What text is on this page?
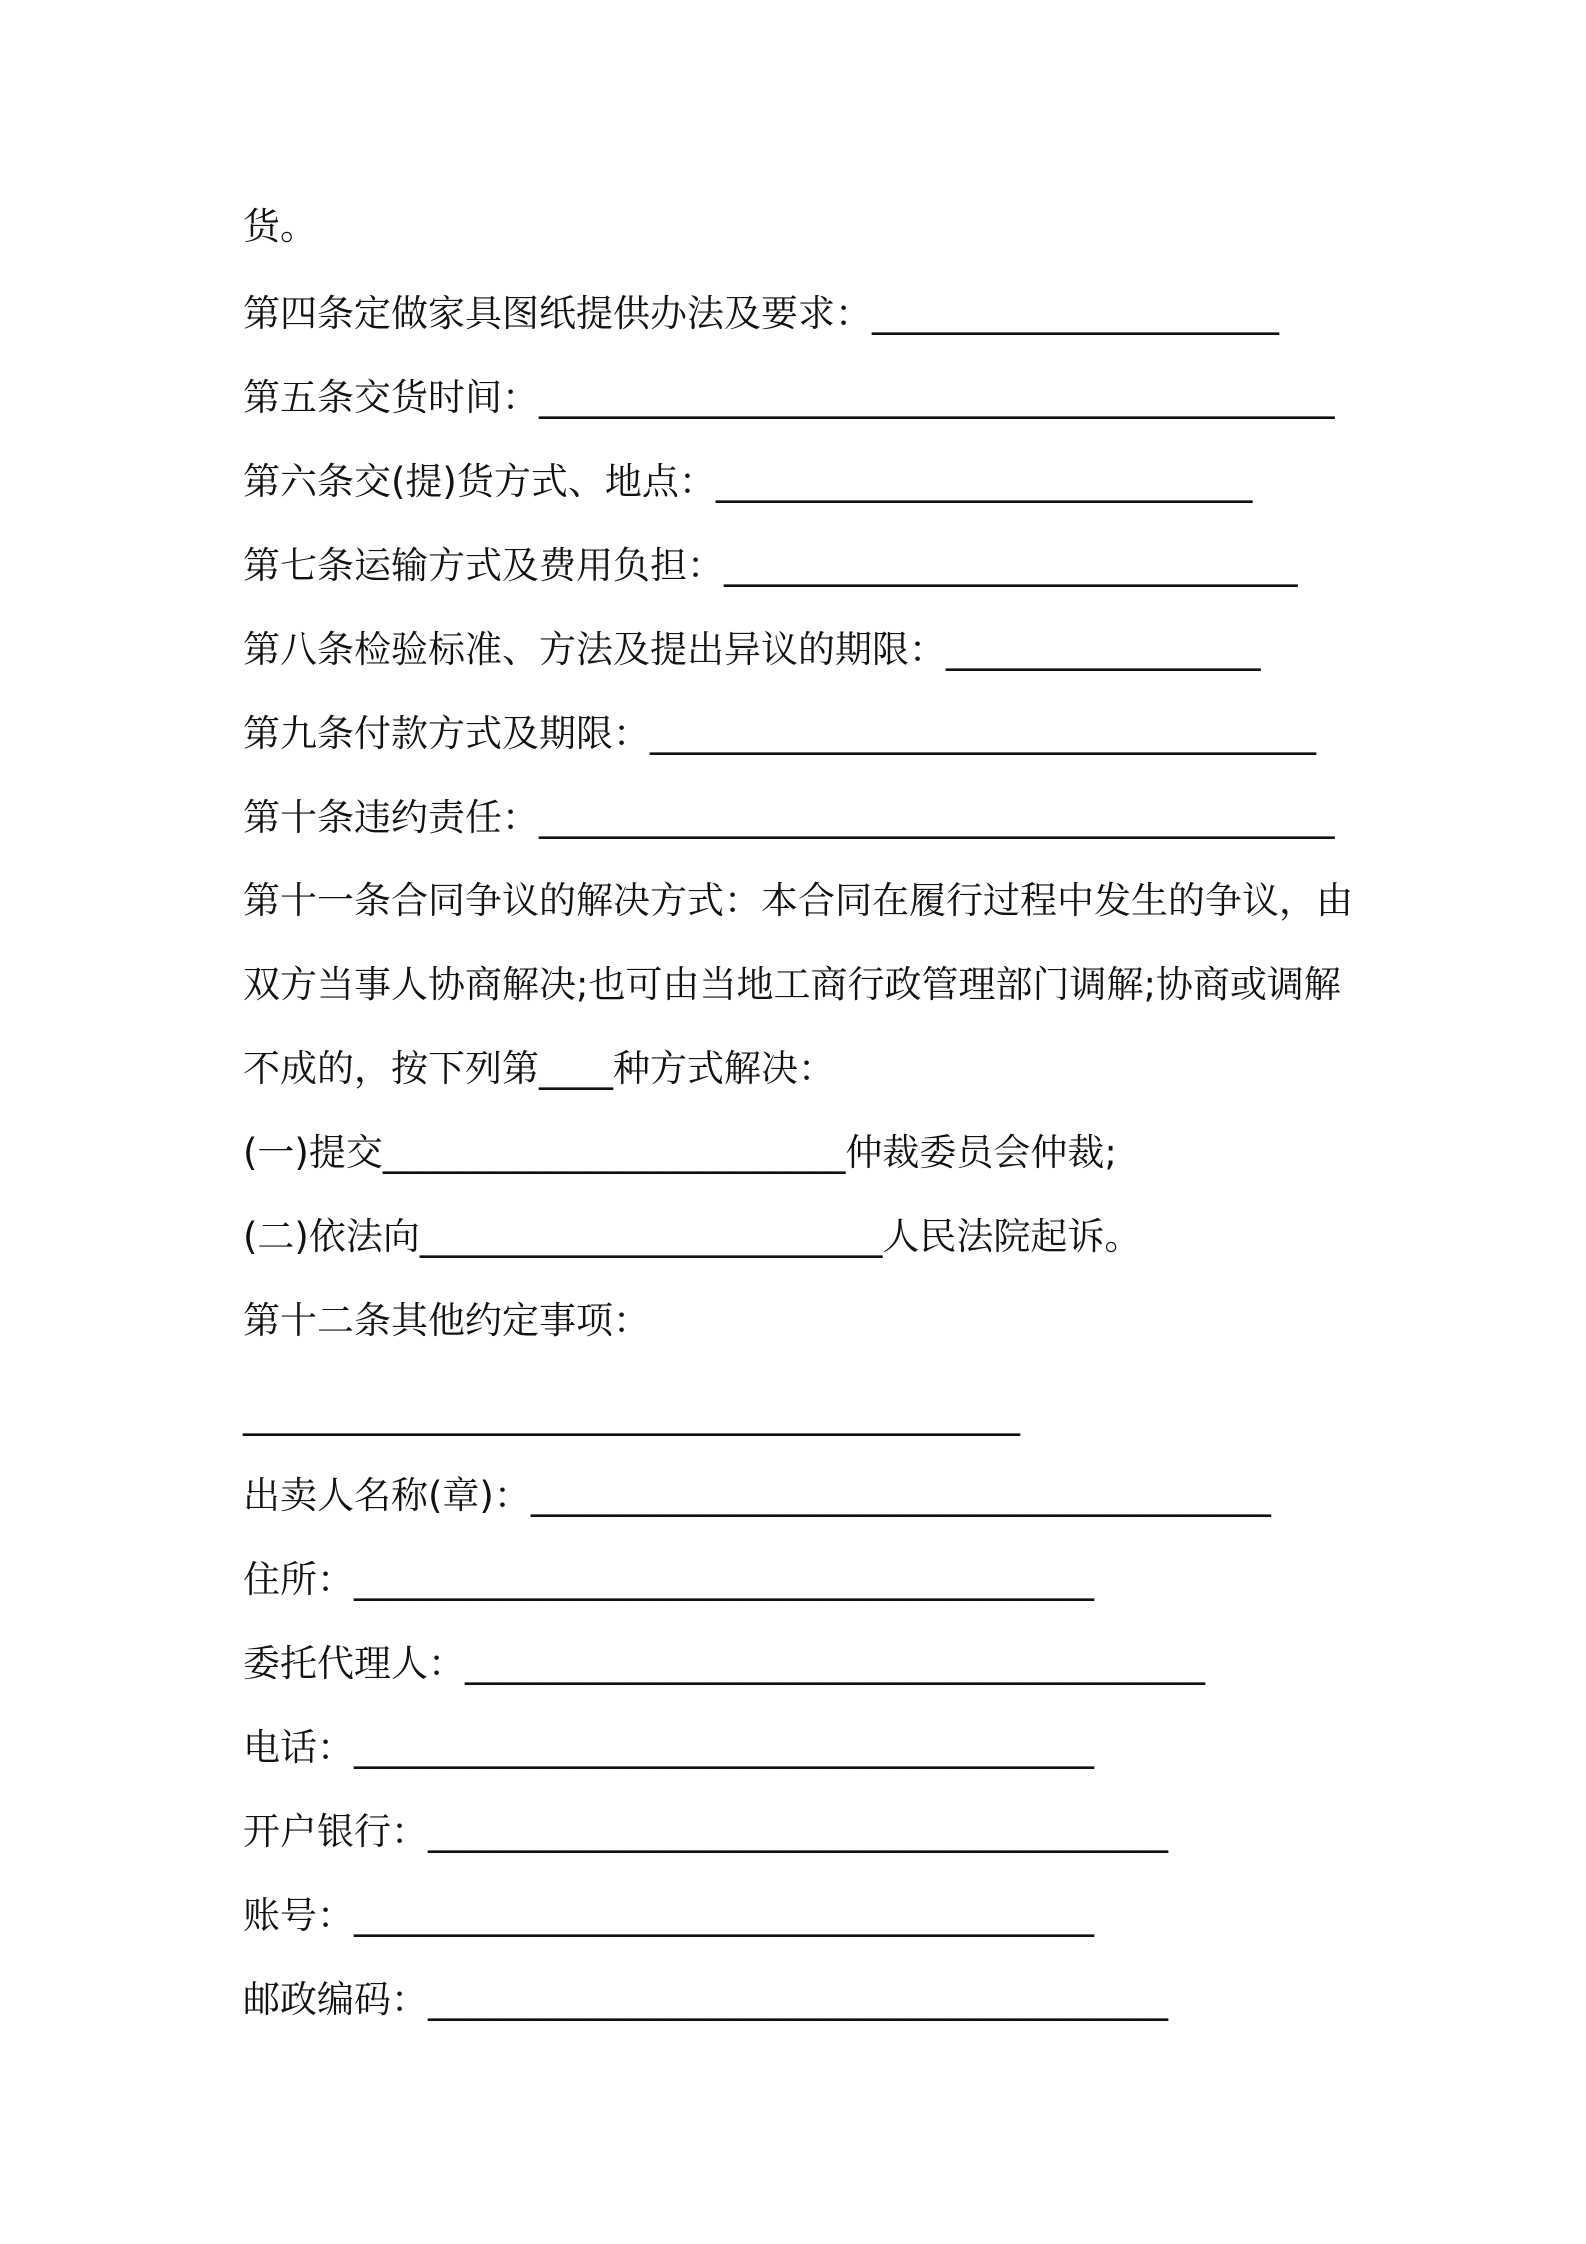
货。
第四条定做家具图纸提供办法及要求：______________________
第五条交货时间：___________________________________________
第六条交(提)货方式、地点：_____________________________
第七条运输方式及费用负担：_______________________________
第八条检验标准、方法及提出异议的期限：_________________
第九条付款方式及期限：____________________________________
第十条违约责任：___________________________________________
第十一条合同争议的解决方式：本合同在履行过程中发生的争议，由
双方当事人协商解决;也可由当地工商行政管理部门调解;协商或调解
不成的，按下列第____种方式解决：
(一)提交_________________________仲裁委员会仲裁;
(二)依法向_________________________人民法院起诉。
第十二条其他约定事项：
__________________________________________
出卖人名称(章)：________________________________________
住所：________________________________________
委托代理人：________________________________________
电话：________________________________________
开户银行：________________________________________
账号：________________________________________
邮政编码：________________________________________
